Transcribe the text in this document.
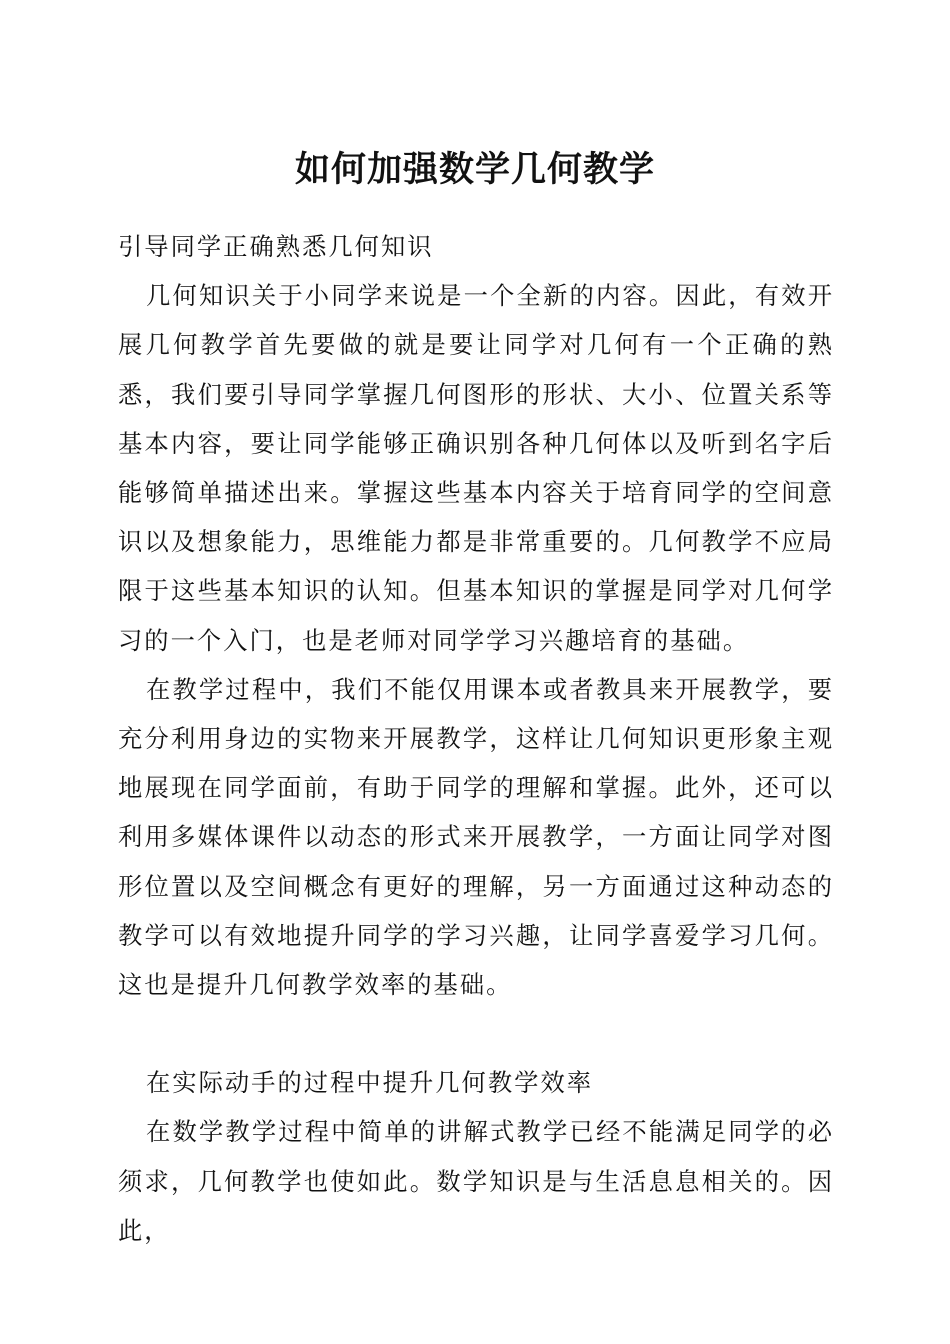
如何加强数学几何教学

引导同学正确熟悉几何知识

几何知识关于小同学来说是一个全新的内容。因此，有效开展几何教学首先要做的就是要让同学对几何有一个正确的熟悉，我们要引导同学掌握几何图形的形状、大小、位置关系等基本内容，要让同学能够正确识别各种几何体以及听到名字后能够简单描述出来。掌握这些基本内容关于培育同学的空间意识以及想象能力，思维能力都是非常重要的。几何教学不应局限于这些基本知识的认知。但基本知识的掌握是同学对几何学习的一个入门，也是老师对同学学习兴趣培育的基础。

在教学过程中，我们不能仅用课本或者教具来开展教学，要充分利用身边的实物来开展教学，这样让几何知识更形象主观地展现在同学面前，有助于同学的理解和掌握。此外，还可以利用多媒体课件以动态的形式来开展教学，一方面让同学对图形位置以及空间概念有更好的理解，另一方面通过这种动态的教学可以有效地提升同学的学习兴趣，让同学喜爱学习几何。这也是提升几何教学效率的基础。

在实际动手的过程中提升几何教学效率

在数学教学过程中简单的讲解式教学已经不能满足同学的必须求，几何教学也使如此。数学知识是与生活息息相关的。因此，
